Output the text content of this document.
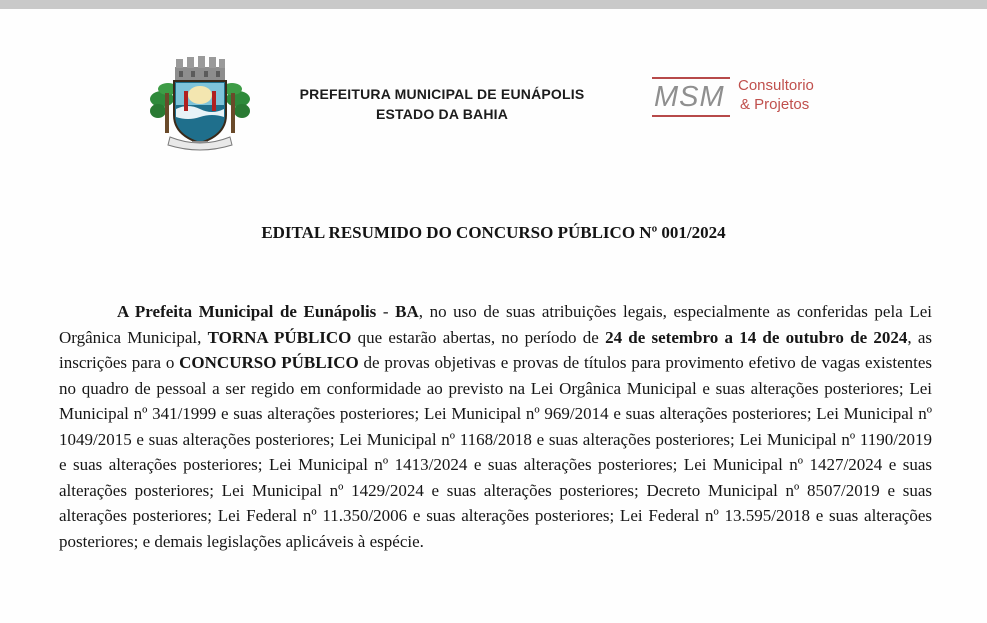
PREFEITURA MUNICIPAL DE EUNÁPOLIS
ESTADO DA BAHIA
MSM Consultorio
& Projetos
EDITAL RESUMIDO DO CONCURSO PÚBLICO Nº 001/2024

A Prefeita Municipal de Eunápolis - BA, no uso de suas atribuições legais, especialmente as conferidas pela Lei Orgânica Municipal, TORNA PÚBLICO que estarão abertas, no período de 24 de setembro a 14 de outubro de 2024, as inscrições para o CONCURSO PÚBLICO de provas objetivas e provas de títulos para provimento efetivo de vagas existentes no quadro de pessoal a ser regido em conformidade ao previsto na Lei Orgânica Municipal e suas alterações posteriores; Lei Municipal nº 341/1999 e suas alterações posteriores; Lei Municipal nº 969/2014 e suas alterações posteriores; Lei Municipal nº 1049/2015 e suas alterações posteriores; Lei Municipal nº 1168/2018 e suas alterações posteriores; Lei Municipal nº 1190/2019 e suas alterações posteriores; Lei Municipal nº 1413/2024 e suas alterações posteriores; Lei Municipal nº 1427/2024 e suas alterações posteriores; Lei Municipal nº 1429/2024 e suas alterações posteriores; Decreto Municipal nº 8507/2019 e suas alterações posteriores; Lei Federal nº 11.350/2006 e suas alterações posteriores; Lei Federal nº 13.595/2018 e suas alterações posteriores; e demais legislações aplicáveis à espécie.
